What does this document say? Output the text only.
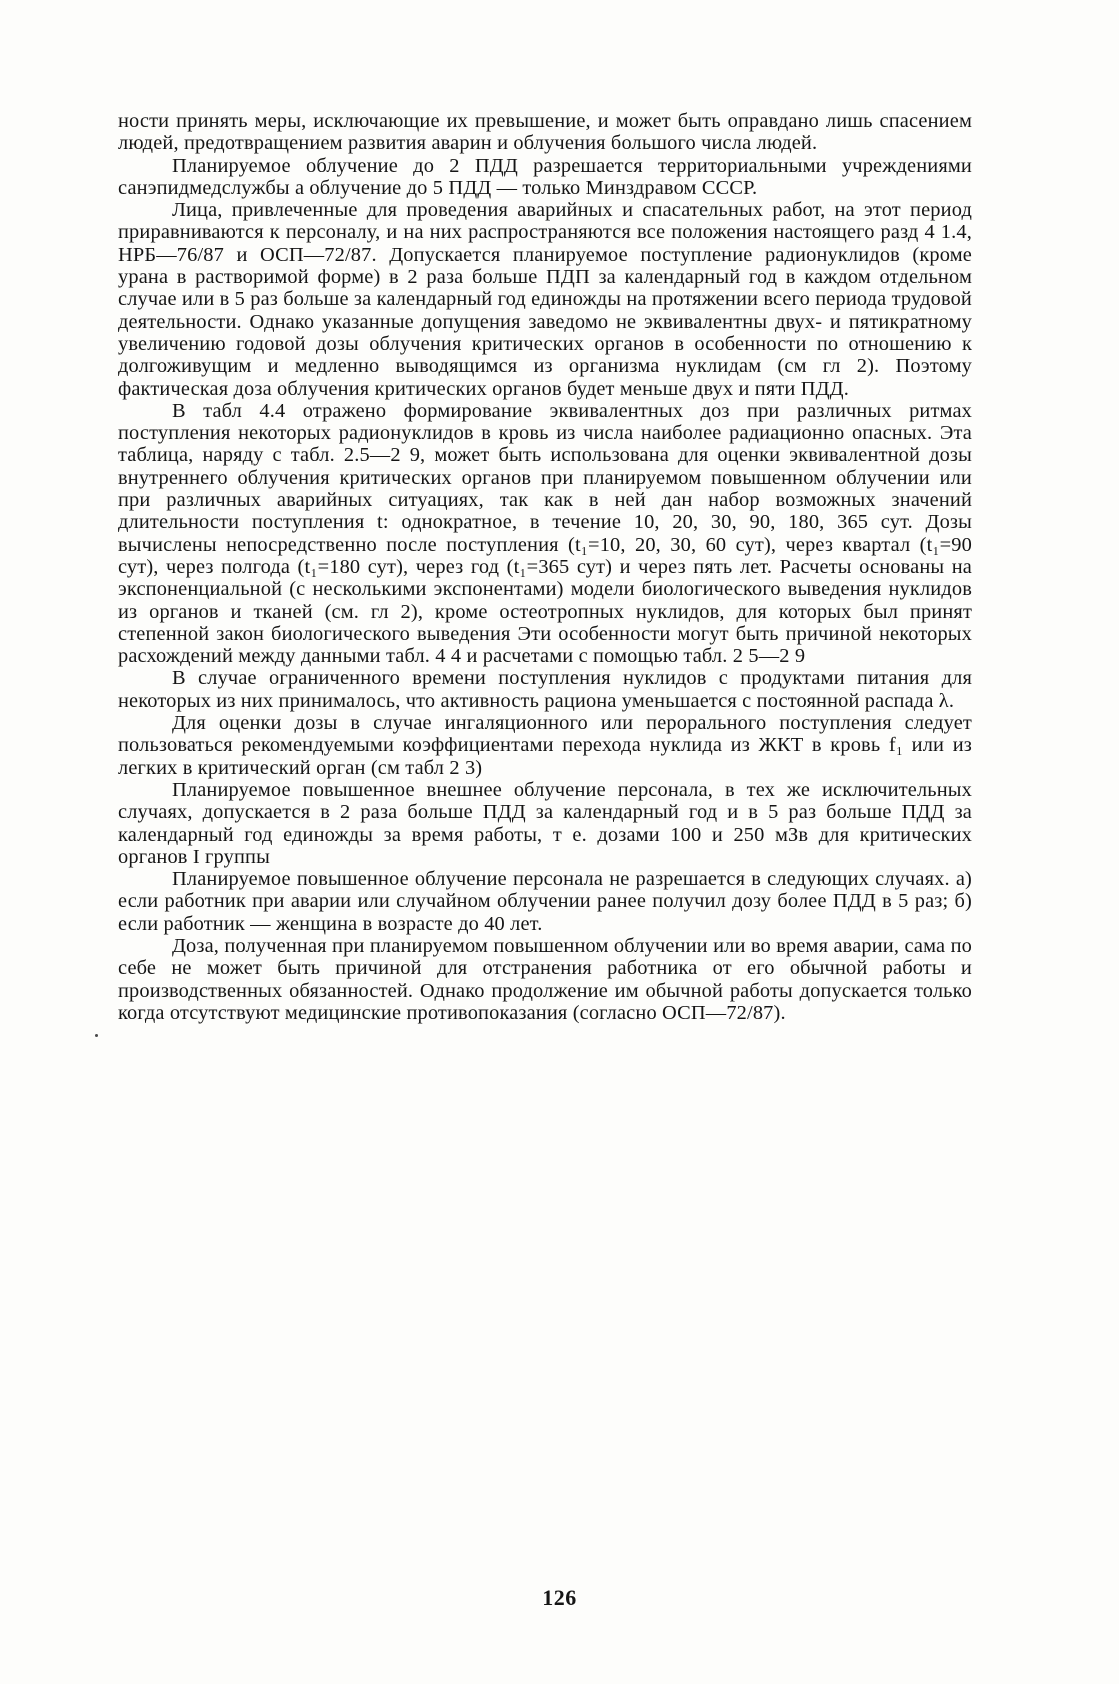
ности принять меры, исключающие их превышение, и может быть оправдано лишь спасением людей, предотвращением развития аварин и облучения большого числа людей.

Планируемое облучение до 2 ПДД разрешается территориальными учреждениями санэпидмедслужбы а облучение до 5 ПДД — только Минздравом СССР.

Лица, привлеченные для проведения аварийных и спасательных работ, на этот период приравниваются к персоналу, и на них распространяются все положения настоящего разд 4 1.4, НРБ—76/87 и ОСП—72/87. Допускается планируемое поступление радионуклидов (кроме урана в растворимой форме) в 2 раза больше ПДП за календарный год в каждом отдельном случае или в 5 раз больше за календарный год единожды на протяжении всего периода трудовой деятельности. Однако указанные допущения заведомо не эквивалентны двух- и пятикратному увеличению годовой дозы облучения критических органов в особенности по отношению к долгоживущим и медленно выводящимся из организма нуклидам (см гл 2). Поэтому фактическая доза облучения критических органов будет меньше двух и пяти ПДД.

В табл 4.4 отражено формирование эквивалентных доз при различных ритмах поступления некоторых радионуклидов в кровь из числа наиболее радиационно опасных. Эта таблица, наряду с табл. 2.5—2 9, может быть использована для оценки эквивалентной дозы внутреннего облучения критических органов при планируемом повышенном облучении или при различных аварийных ситуациях, так как в ней дан набор возможных значений длительности поступления t: однократное, в течение 10, 20, 30, 90, 180, 365 сут. Дозы вычислены непосредственно после поступления (t₁=10, 20, 30, 60 сут), через квартал (t₁=90 сут), через полгода (t₁=180 сут), через год (t₁=365 сут) и через пять лет. Расчеты основаны на экспоненциальной (с несколькими экспонентами) модели биологического выведения нуклидов из органов и тканей (см. гл 2), кроме остеотропных нуклидов, для которых был принят степенной закон биологического выведения Эти особенности могут быть причиной некоторых расхождений между данными табл. 4 4 и расчетами с помощью табл. 2 5—2 9

В случае ограниченного времени поступления нуклидов с продуктами питания для некоторых из них принималось, что активность рациона уменьшается с постоянной распада λ.

Для оценки дозы в случае ингаляционного или перорального поступления следует пользоваться рекомендуемыми коэффициентами перехода нуклида из ЖКТ в кровь f₁ или из легких в критический орган (см табл 2 3)

Планируемое повышенное внешнее облучение персонала, в тех же исключительных случаях, допускается в 2 раза больше ПДД за календарный год и в 5 раз больше ПДД за календарный год единожды за время работы, т е. дозами 100 и 250 мЗв для критических органов I группы

Планируемое повышенное облучение персонала не разрешается в следующих случаях. а) если работник при аварии или случайном облучении ранее получил дозу более ПДД в 5 раз; б) если работник — женщина в возрасте до 40 лет.

Доза, полученная при планируемом повышенном облучении или во время аварии, сама по себе не может быть причиной для отстранения работника от его обычной работы и производственных обязанностей. Однако продолжение им обычной работы допускается только когда отсутствуют медицинские противопоказания (согласно ОСП—72/87).

126
